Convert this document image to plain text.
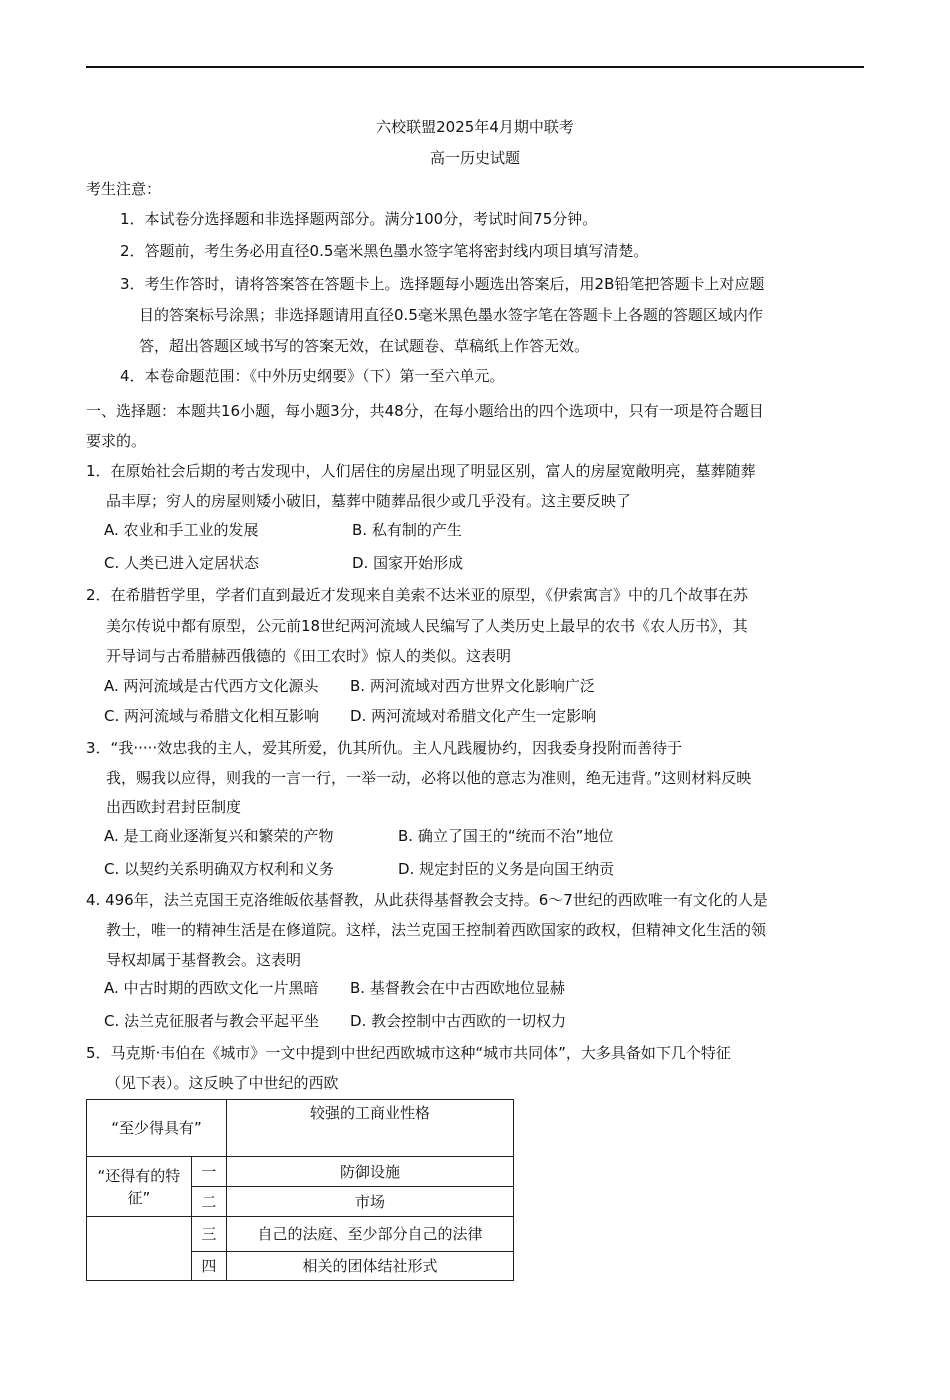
六校联盟2025年4月期中联考
高一历史试题
考生注意：
1．本试卷分选择题和非选择题两部分。满分100分，考试时间75分钟。
2．答题前，考生务必用直径0.5毫米黑色墨水签字笔将密封线内项目填写清楚。
3．考生作答时，请将答案答在答题卡上。选择题每小题选出答案后，用2B铅笔把答题卡上对应题
目的答案标号涂黑；非选择题请用直径0.5毫米黑色墨水签字笔在答题卡上各题的答题区域内作
答，超出答题区域书写的答案无效，在试题卷、草稿纸上作答无效。
4．本卷命题范围：《中外历史纲要》（下）第一至六单元。
一、选择题：本题共16小题，每小题3分，共48分，在每小题给出的四个选项中，只有一项是符合题目
要求的。
1．在原始社会后期的考古发现中，人们居住的房屋出现了明显区别，富人的房屋宽敞明亮，墓葬随葬
品丰厚；穷人的房屋则矮小破旧，墓葬中随葬品很少或几乎没有。这主要反映了
A. 农业和手工业的发展	B. 私有制的产生
C. 人类已进入定居状态	D. 国家开始形成
2．在希腊哲学里，学者们直到最近才发现来自美索不达米亚的原型，《伊索寓言》中的几个故事在苏
美尔传说中都有原型，公元前18世纪两河流域人民编写了人类历史上最早的农书《农人历书》，其
开导词与古希腊赫西俄德的《田工农时》惊人的类似。这表明
A. 两河流域是古代西方文化源头 B. 两河流域对西方世界文化影响广泛
C. 两河流域与希腊文化相互影响 D. 两河流域对希腊文化产生一定影响
3．“我·····效忠我的主人，爱其所爱，仇其所仇。主人凡践履协约，因我委身投附而善待于
我，赐我以应得，则我的一言一行，一举一动，必将以他的意志为准则，绝无违背。”这则材料反映
出西欧封君封臣制度
A. 是工商业逐渐复兴和繁荣的产物	B. 确立了国王的“统而不治”地位
C. 以契约关系明确双方权利和义务	D. 规定封臣的义务是向国王纳贡
4. 496年，法兰克国王克洛维皈依基督教，从此获得基督教会支持。6～7世纪的西欧唯一有文化的人是
教士，唯一的精神生活是在修道院。这样，法兰克国王控制着西欧国家的政权，但精神文化生活的领
导权却属于基督教会。这表明
A. 中古时期的西欧文化一片黑暗 B. 基督教会在中古西欧地位显赫
C. 法兰克征服者与教会平起平坐 D. 教会控制中古西欧的一切权力
5．马克斯·韦伯在《城市》一文中提到中世纪西欧城市这种“城市共同体”，大多具备如下几个特征
（见下表）。这反映了中世纪的西欧
“至少得具有”		较强的工商业性格
“还得有的特征”	一	防御设施
	二	市场
	三	自己的法庭、至少部分自己的法律
	四	相关的团体结社形式
